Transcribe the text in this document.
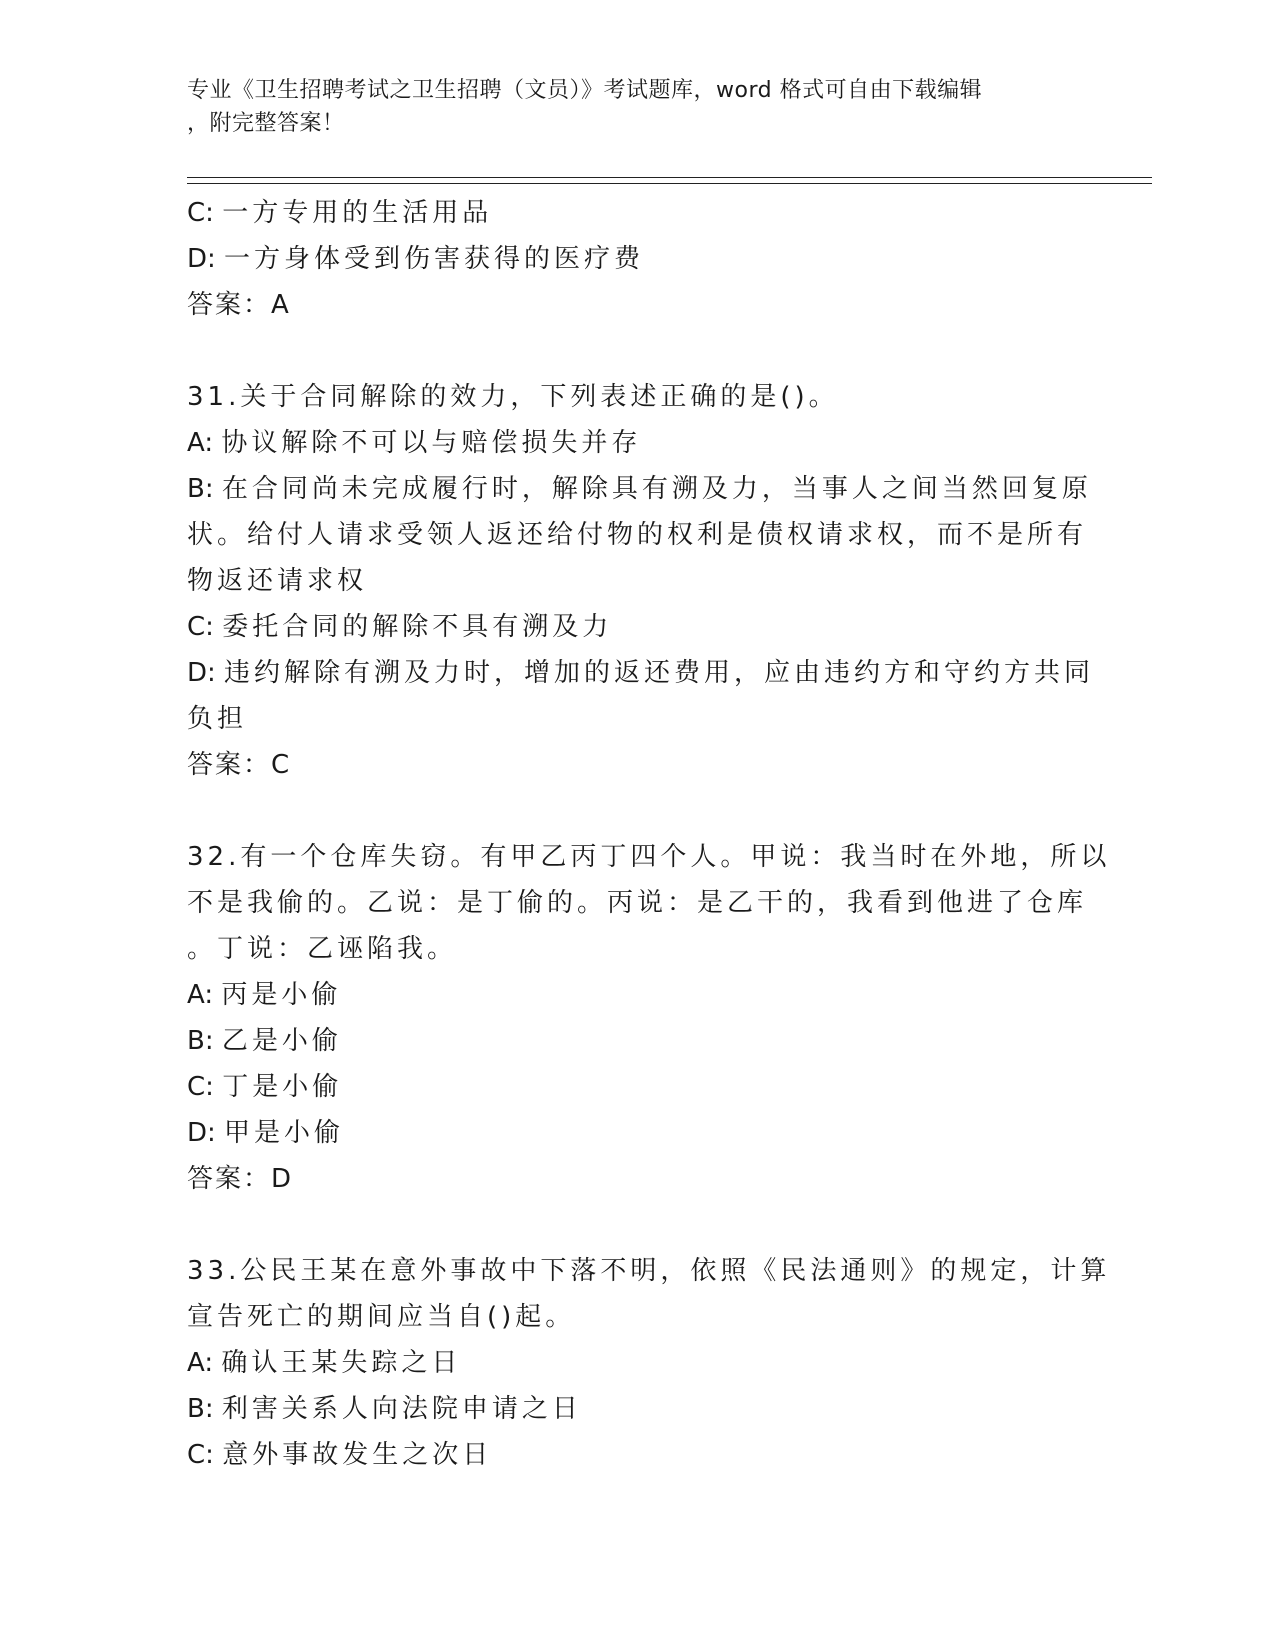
专业《卫生招聘考试之卫生招聘（文员）》考试题库，word 格式可自由下载编辑

，附完整答案！

C: 一方专用的生活用品
D: 一方身体受到伤害获得的医疗费
答案：A
31.关于合同解除的效力，下列表述正确的是()。
A: 协议解除不可以与赔偿损失并存
B: 在合同尚未完成履行时，解除具有溯及力，当事人之间当然回复原
状。给付人请求受领人返还给付物的权利是债权请求权，而不是所有
物返还请求权
C: 委托合同的解除不具有溯及力
D: 违约解除有溯及力时，增加的返还费用，应由违约方和守约方共同
负担
答案：C
32.有一个仓库失窃。有甲乙丙丁四个人。甲说：我当时在外地，所以
不是我偷的。乙说：是丁偷的。丙说：是乙干的，我看到他进了仓库
。丁说：乙诬陷我。
A: 丙是小偷
B: 乙是小偷
C: 丁是小偷
D: 甲是小偷
答案：D
33.公民王某在意外事故中下落不明，依照《民法通则》的规定，计算
宣告死亡的期间应当自()起。
A: 确认王某失踪之日
B: 利害关系人向法院申请之日
C: 意外事故发生之次日
